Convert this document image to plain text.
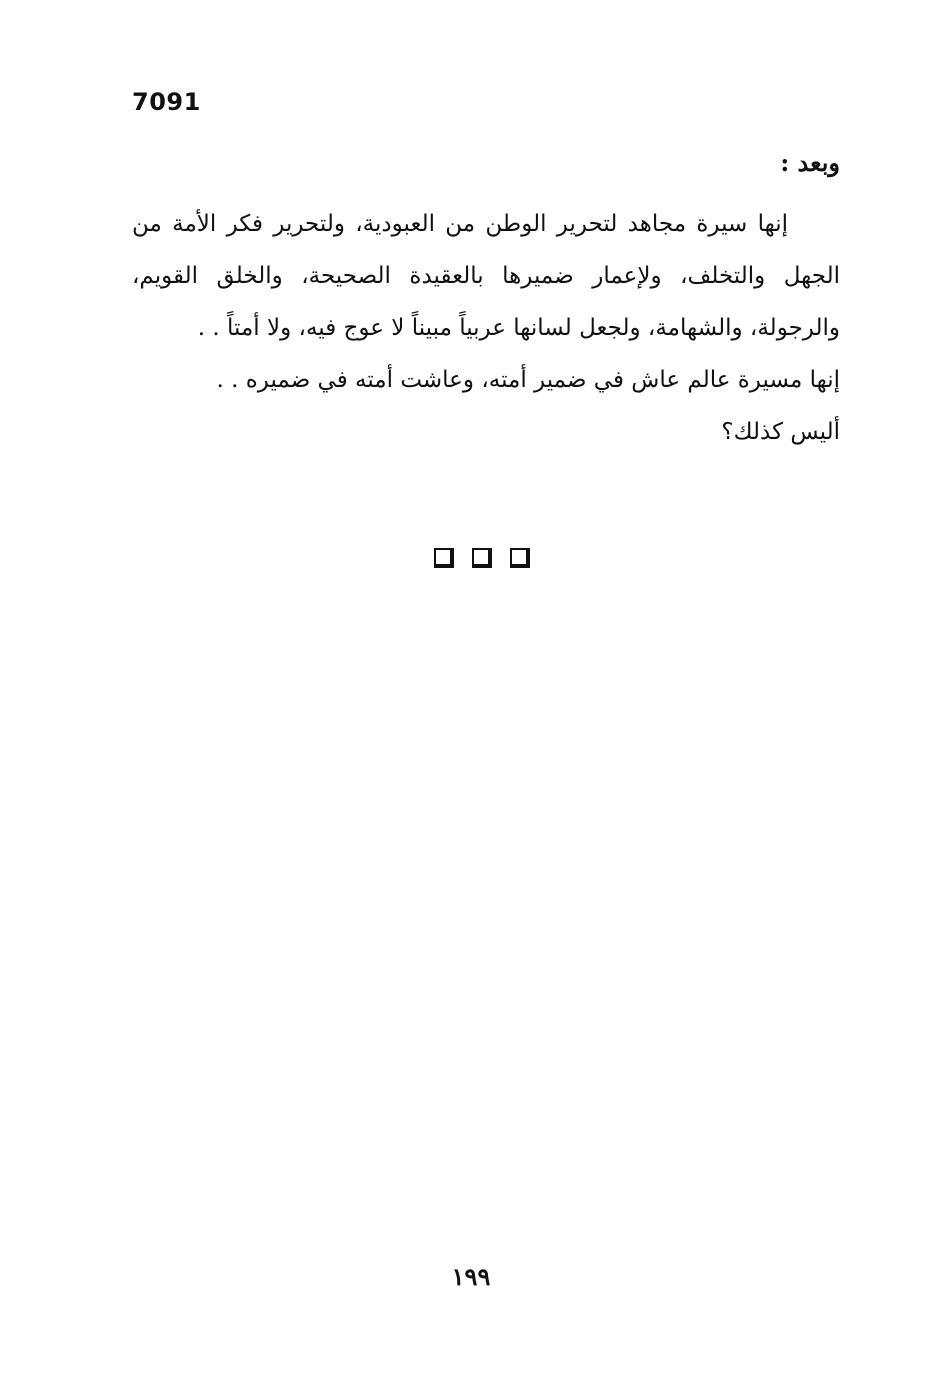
7091
وبعد :
إنها سيرة مجاهد لتحرير الوطن من العبودية، ولتحرير فكر الأمة من الجهل والتخلف، ولإعمار ضميرها بالعقيدة الصحيحة، والخلق القويم، والرجولة، والشهامة، ولجعل لسانها عربياً مبيناً لا عوج فيه، ولا أمتاً . .
إنها مسيرة عالم عاش في ضمير أمته، وعاشت أمته في ضميره . .
أليس كذلك؟
١٩٩
